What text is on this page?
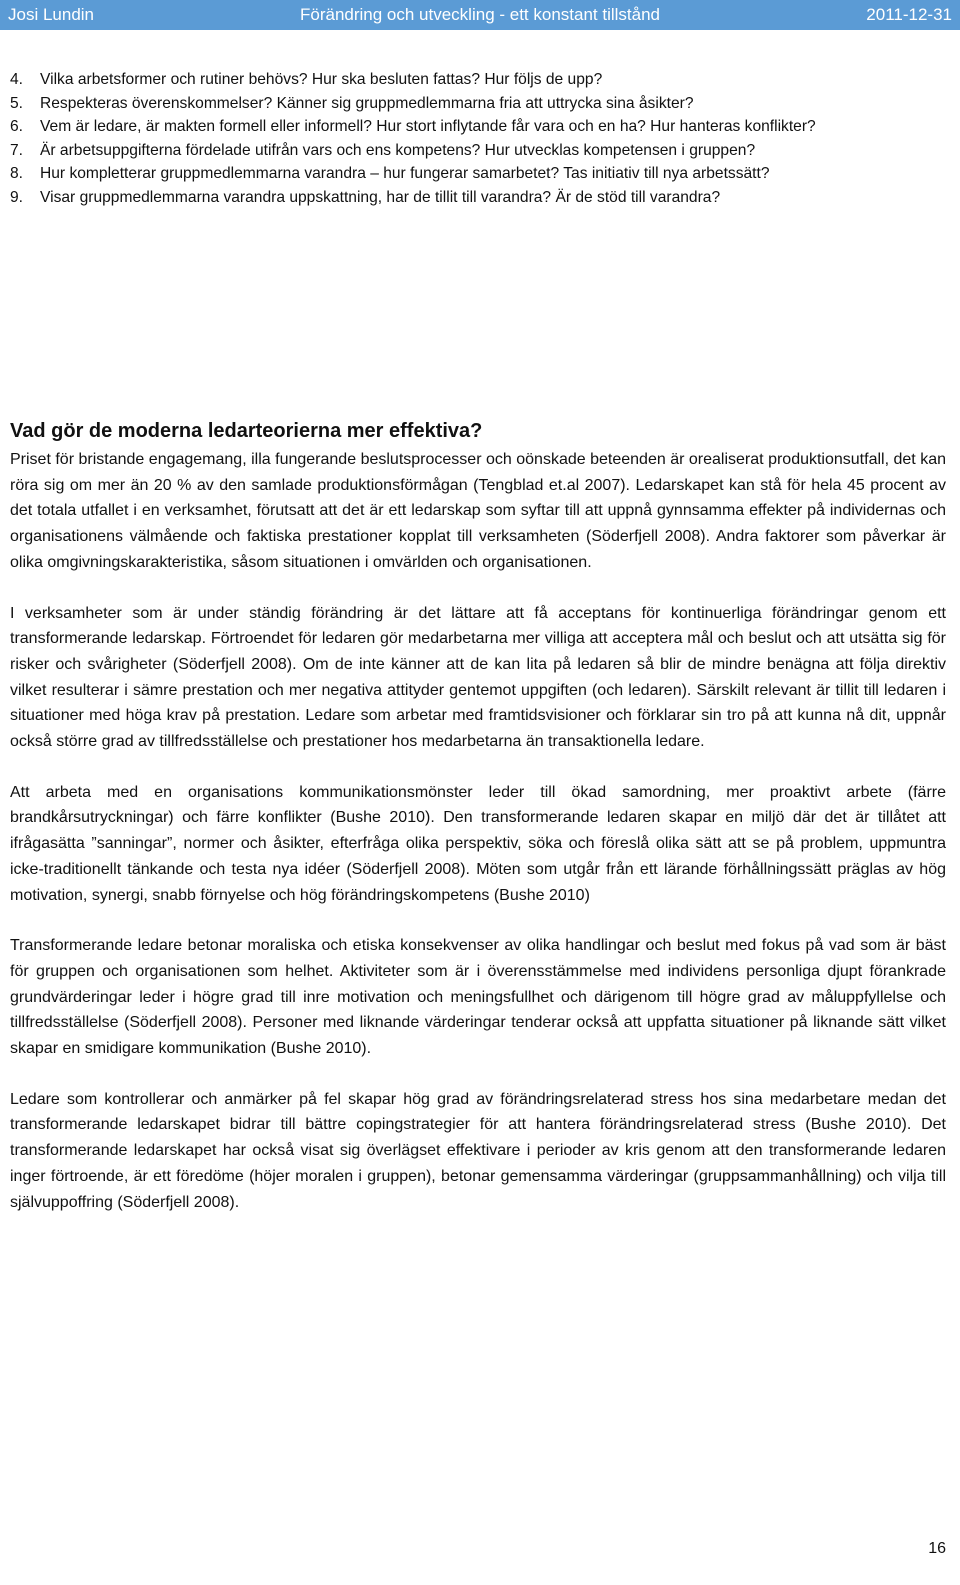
Josi Lundin	Förändring och utveckling - ett konstant tillstånd	2011-12-31
4.	Vilka arbetsformer och rutiner behövs? Hur ska besluten fattas? Hur följs de upp?
5.	Respekteras överenskommelser? Känner sig gruppmedlemmarna fria att uttrycka sina åsikter?
6.	Vem är ledare, är makten formell eller informell? Hur stort inflytande får vara och en ha? Hur hanteras konflikter?
7.	Är arbetsuppgifterna fördelade utifrån vars och ens kompetens? Hur utvecklas kompetensen i gruppen?
8.	Hur kompletterar gruppmedlemmarna varandra – hur fungerar samarbetet? Tas initiativ till nya arbetssätt?
9.	Visar gruppmedlemmarna varandra uppskattning, har de tillit till varandra? Är de stöd till varandra?
Vad gör de moderna ledarteorierna mer effektiva?

Priset för bristande engagemang, illa fungerande beslutsprocesser och oönskade beteenden är orealiserat produktionsutfall, det kan röra sig om mer än 20 % av den samlade produktionsförmågan (Tengblad et.al 2007). Ledarskapet kan stå för hela 45 procent av det totala utfallet i en verksamhet, förutsatt att det är ett ledarskap som syftar till att uppnå gynnsamma effekter på individernas och organisationens välmående och faktiska prestationer kopplat till verksamheten (Söderfjell 2008). Andra faktorer som påverkar är olika omgivningskarakteristika, såsom situationen i omvärlden och organisationen.

I verksamheter som är under ständig förändring är det lättare att få acceptans för kontinuerliga förändringar genom ett transformerande ledarskap. Förtroendet för ledaren gör medarbetarna mer villiga att acceptera mål och beslut och att utsätta sig för risker och svårigheter (Söderfjell 2008). Om de inte känner att de kan lita på ledaren så blir de mindre benägna att följa direktiv vilket resulterar i sämre prestation och mer negativa attityder gentemot uppgiften (och ledaren). Särskilt relevant är tillit till ledaren i situationer med höga krav på prestation. Ledare som arbetar med framtidsvisioner och förklarar sin tro på att kunna nå dit, uppnår också större grad av tillfredsställelse och prestationer hos medarbetarna än transaktionella ledare.

Att arbeta med en organisations kommunikationsmönster leder till ökad samordning, mer proaktivt arbete (färre brandkårsutryckningar) och färre konflikter (Bushe 2010). Den transformerande ledaren skapar en miljö där det är tillåtet att ifrågasätta ”sanningar”, normer och åsikter, efterfråga olika perspektiv, söka och föreslå olika sätt att se på problem, uppmuntra icke-traditionellt tänkande och testa nya idéer (Söderfjell 2008). Möten som utgår från ett lärande förhållningssätt präglas av hög motivation, synergi, snabb förnyelse och hög förändringskompetens (Bushe 2010)

Transformerande ledare betonar moraliska och etiska konsekvenser av olika handlingar och beslut med fokus på vad som är bäst för gruppen och organisationen som helhet. Aktiviteter som är i överensstämmelse med individens personliga djupt förankrade grundvärderingar leder i högre grad till inre motivation och meningsfullhet och därigenom till högre grad av måluppfyllelse och tillfredsställelse (Söderfjell 2008). Personer med liknande värderingar tenderar också att uppfatta situationer på liknande sätt vilket skapar en smidigare kommunikation (Bushe 2010).

Ledare som kontrollerar och anmärker på fel skapar hög grad av förändringsrelaterad stress hos sina medarbetare medan det transformerande ledarskapet bidrar till bättre copingstrategier för att hantera förändringsrelaterad stress (Bushe 2010). Det transformerande ledarskapet har också visat sig överlägset effektivare i perioder av kris genom att den transformerande ledaren inger förtroende, är ett föredöme (höjer moralen i gruppen), betonar gemensamma värderingar (gruppsammanhållning) och vilja till självuppoffring (Söderfjell 2008).

16
